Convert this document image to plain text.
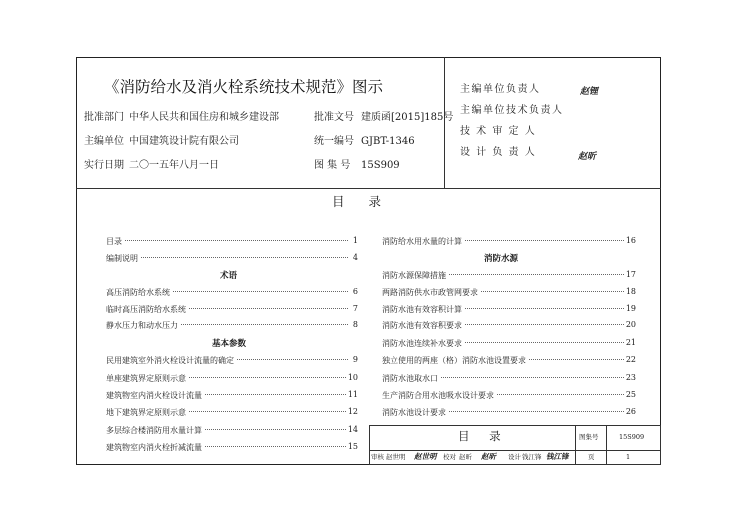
《消防给水及消火栓系统技术规范》图示
批准部门 中华人民共和国住房和城乡建设部
主编单位 中国建筑设计院有限公司
实行日期 二〇一五年八月一日
批准文号 建质函[2015]185号
统一编号 GJBT-1346
图 集 号 15S909
主编单位负责人	赵锂
主编单位技术负责人
技 术 审 定 人
设 计 负 责 人	赵昕
目 录
目录	1
编制说明	4
术语
高压消防给水系统	6
临时高压消防给水系统	7
静水压力和动水压力	8
基本参数
民用建筑室外消火栓设计流量的确定	9
单座建筑界定原则示意	10
建筑物室内消火栓设计流量	11
地下建筑界定原则示意	12
多层综合楼消防用水量计算	14
建筑物室内消火栓折减流量	15
消防给水用水量的计算	16
消防水源
消防水源保障措施	17
两路消防供水市政管网要求	18
消防水池有效容积计算	19
消防水池有效容积要求	20
消防水池连续补水要求	21
独立使用的两座（格）消防水池设置要求	22
消防水池取水口	23
生产消防合用水池吸水设计要求	25
消防水池设计要求	26
目 录	图集号	15S909
审核 赵世明 赵世明 校对 赵昕 赵昕 设计 钱江锋 钱江锋	页	1
